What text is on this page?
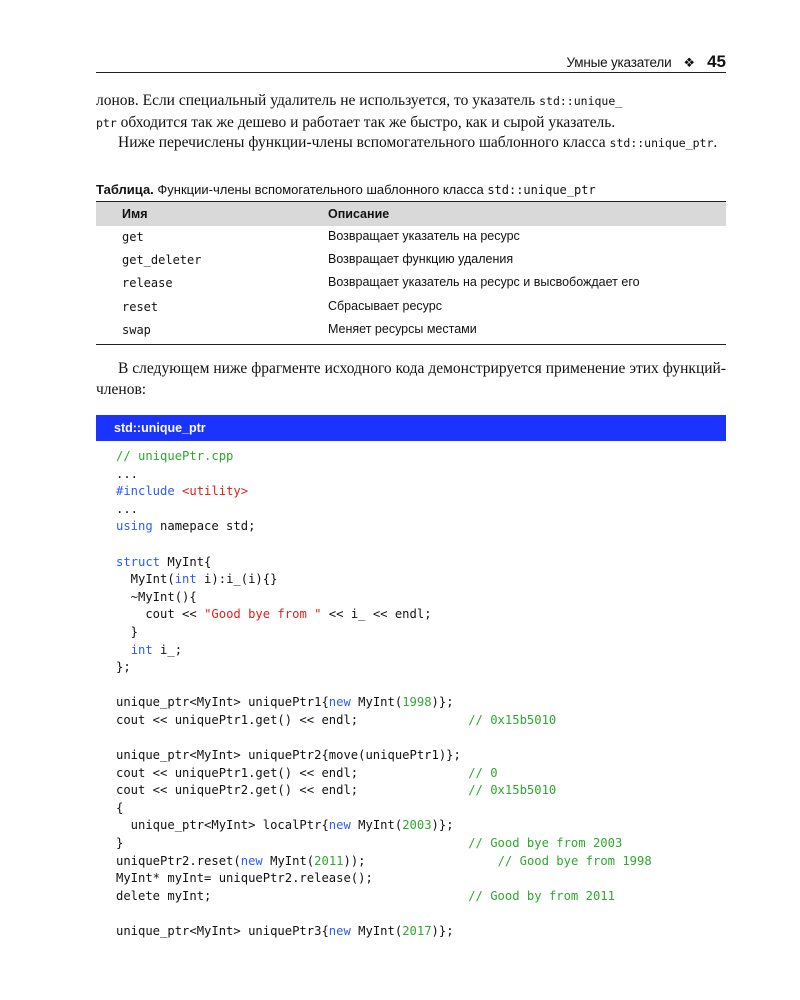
Умные указатели ❖ 45

лонов. Если специальный удалитель не используется, то указатель std::unique_
ptr обходится так же дешево и работает так же быстро, как и сырой указатель.

Ниже перечислены функции-члены вспомогательного шаблонного класса std::unique_ptr.

Таблица. Функции-члены вспомогательного шаблонного класса std::unique_ptr
Имя	Описание
get	Возвращает указатель на ресурс
get_deleter	Возвращает функцию удаления
release	Возвращает указатель на ресурс и высвобождает его
reset	Сбрасывает ресурс
swap	Меняет ресурсы местами

В следующем ниже фрагменте исходного кода демонстрируется применение этих функций-членов:

std::unique_ptr
// uniquePtr.cpp
...
#include <utility>
...
using namepace std;

struct MyInt{
MyInt(int i):i_(i){}
~MyInt(){
cout << "Good bye from " << i_ << endl;
}
int i_;
};

unique_ptr<MyInt> uniquePtr1{new MyInt(1998)};
cout << uniquePtr1.get() << endl;               // 0x15b5010

unique_ptr<MyInt> uniquePtr2{move(uniquePtr1)};
cout << uniquePtr1.get() << endl;               // 0
cout << uniquePtr2.get() << endl;               // 0x15b5010
{
unique_ptr<MyInt> localPtr{new MyInt(2003)};
}                                               // Good bye from 2003
uniquePtr2.reset(new MyInt(2011));                  // Good bye from 1998
MyInt* myInt= uniquePtr2.release();
delete myInt;                                   // Good by from 2011

unique_ptr<MyInt> uniquePtr3{new MyInt(2017)};
